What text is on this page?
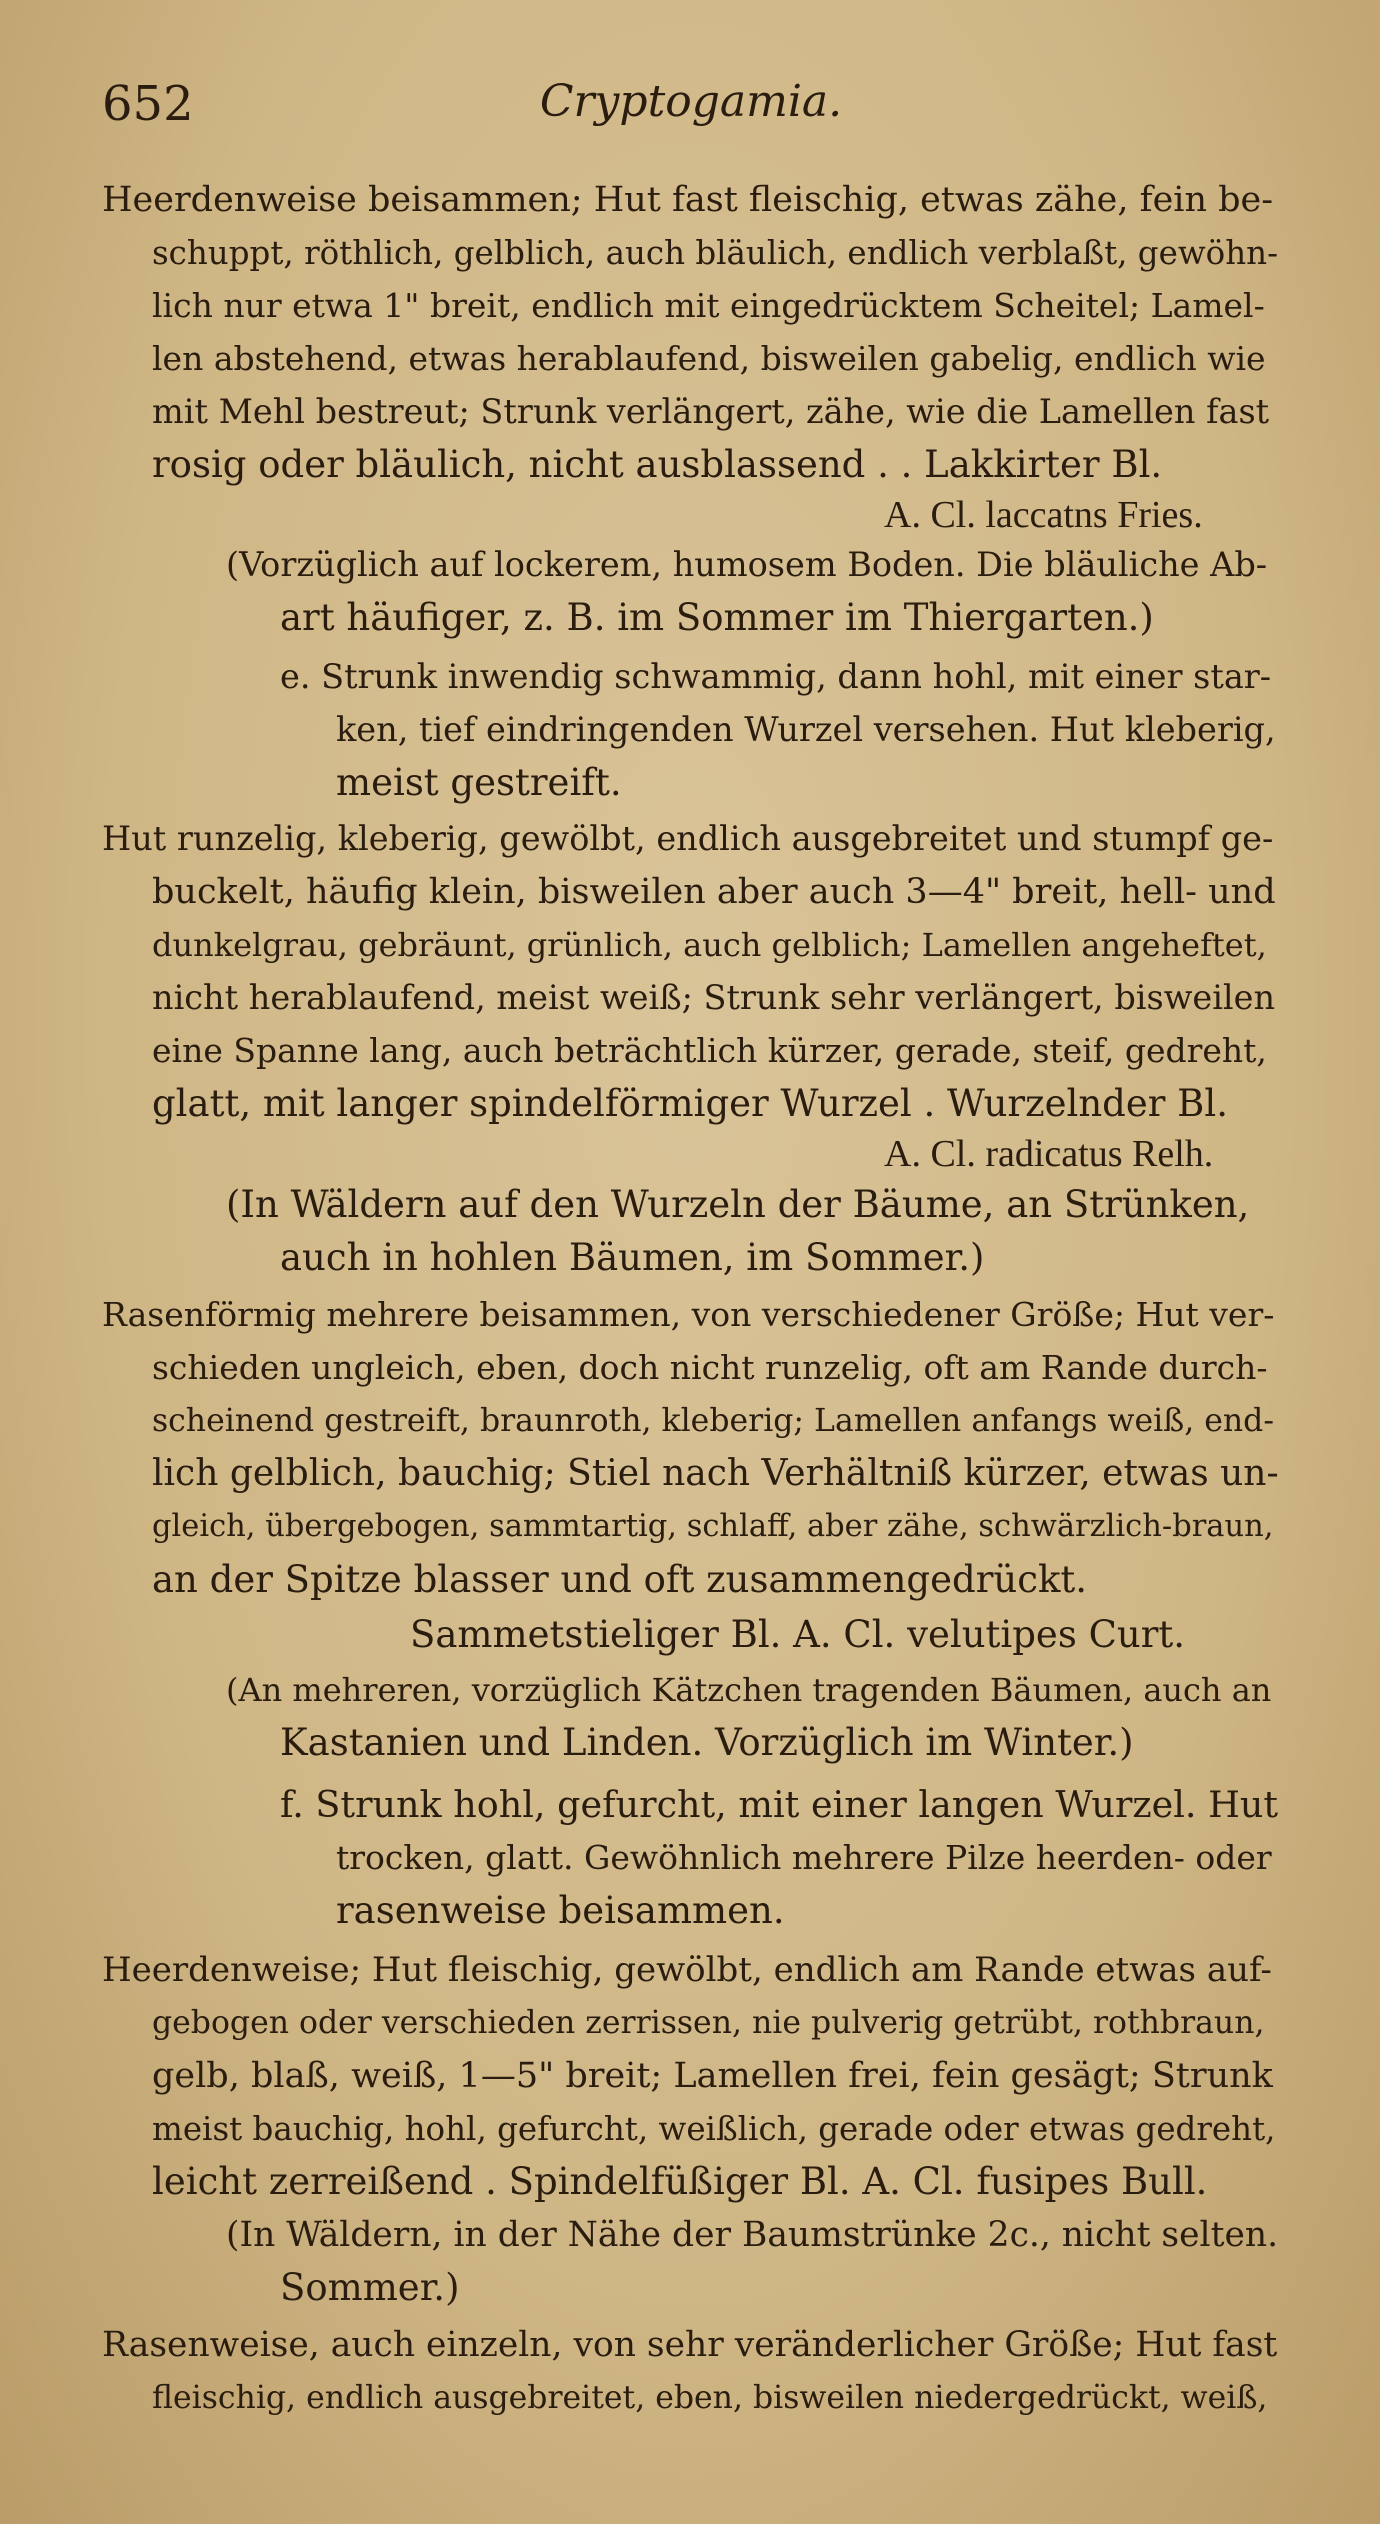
652	Cryptogamia.
Heerdenweise beisammen; Hut fast fleischig, etwas zähe, fein be-
schuppt, röthlich, gelblich, auch bläulich, endlich verblaßt, gewöhn-
lich nur etwa 1" breit, endlich mit eingedrücktem Scheitel; Lamel-
len abstehend, etwas herablaufend, bisweilen gabelig, endlich wie
mit Mehl bestreut; Strunk verlängert, zähe, wie die Lamellen fast
rosig oder bläulich, nicht ausblassend . . Lakkirter Bl.
A. Cl. laccatns Fries.
(Vorzüglich auf lockerem, humosem Boden. Die bläuliche Ab-
art häufiger, z. B. im Sommer im Thiergarten.)
e. Strunk inwendig schwammig, dann hohl, mit einer star-
ken, tief eindringenden Wurzel versehen. Hut kleberig,
meist gestreift.
Hut runzelig, kleberig, gewölbt, endlich ausgebreitet und stumpf ge-
buckelt, häufig klein, bisweilen aber auch 3—4" breit, hell- und
dunkelgrau, gebräunt, grünlich, auch gelblich; Lamellen angeheftet,
nicht herablaufend, meist weiß; Strunk sehr verlängert, bisweilen
eine Spanne lang, auch beträchtlich kürzer, gerade, steif, gedreht,
glatt, mit langer spindelförmiger Wurzel . Wurzelnder Bl.
A. Cl. radicatus Relh.
(In Wäldern auf den Wurzeln der Bäume, an Strünken,
auch in hohlen Bäumen, im Sommer.)
Rasenförmig mehrere beisammen, von verschiedener Größe; Hut ver-
schieden ungleich, eben, doch nicht runzelig, oft am Rande durch-
scheinend gestreift, braunroth, kleberig; Lamellen anfangs weiß, end-
lich gelblich, bauchig; Stiel nach Verhältniß kürzer, etwas un-
gleich, übergebogen, sammtartig, schlaff, aber zähe, schwärzlich-braun,
an der Spitze blasser und oft zusammengedrückt.
Sammetstieliger Bl. A. Cl. velutipes Curt.
(An mehreren, vorzüglich Kätzchen tragenden Bäumen, auch an
Kastanien und Linden. Vorzüglich im Winter.)
f. Strunk hohl, gefurcht, mit einer langen Wurzel. Hut
trocken, glatt. Gewöhnlich mehrere Pilze heerden- oder
rasenweise beisammen.
Heerdenweise; Hut fleischig, gewölbt, endlich am Rande etwas auf-
gebogen oder verschieden zerrissen, nie pulverig getrübt, rothbraun,
gelb, blaß, weiß, 1—5" breit; Lamellen frei, fein gesägt; Strunk
meist bauchig, hohl, gefurcht, weißlich, gerade oder etwas gedreht,
leicht zerreißend . Spindelfüßiger Bl. A. Cl. fusipes Bull.
(In Wäldern, in der Nähe der Baumstrünke 2c., nicht selten.
Sommer.)
Rasenweise, auch einzeln, von sehr veränderlicher Größe; Hut fast
fleischig, endlich ausgebreitet, eben, bisweilen niedergedrückt, weiß,
